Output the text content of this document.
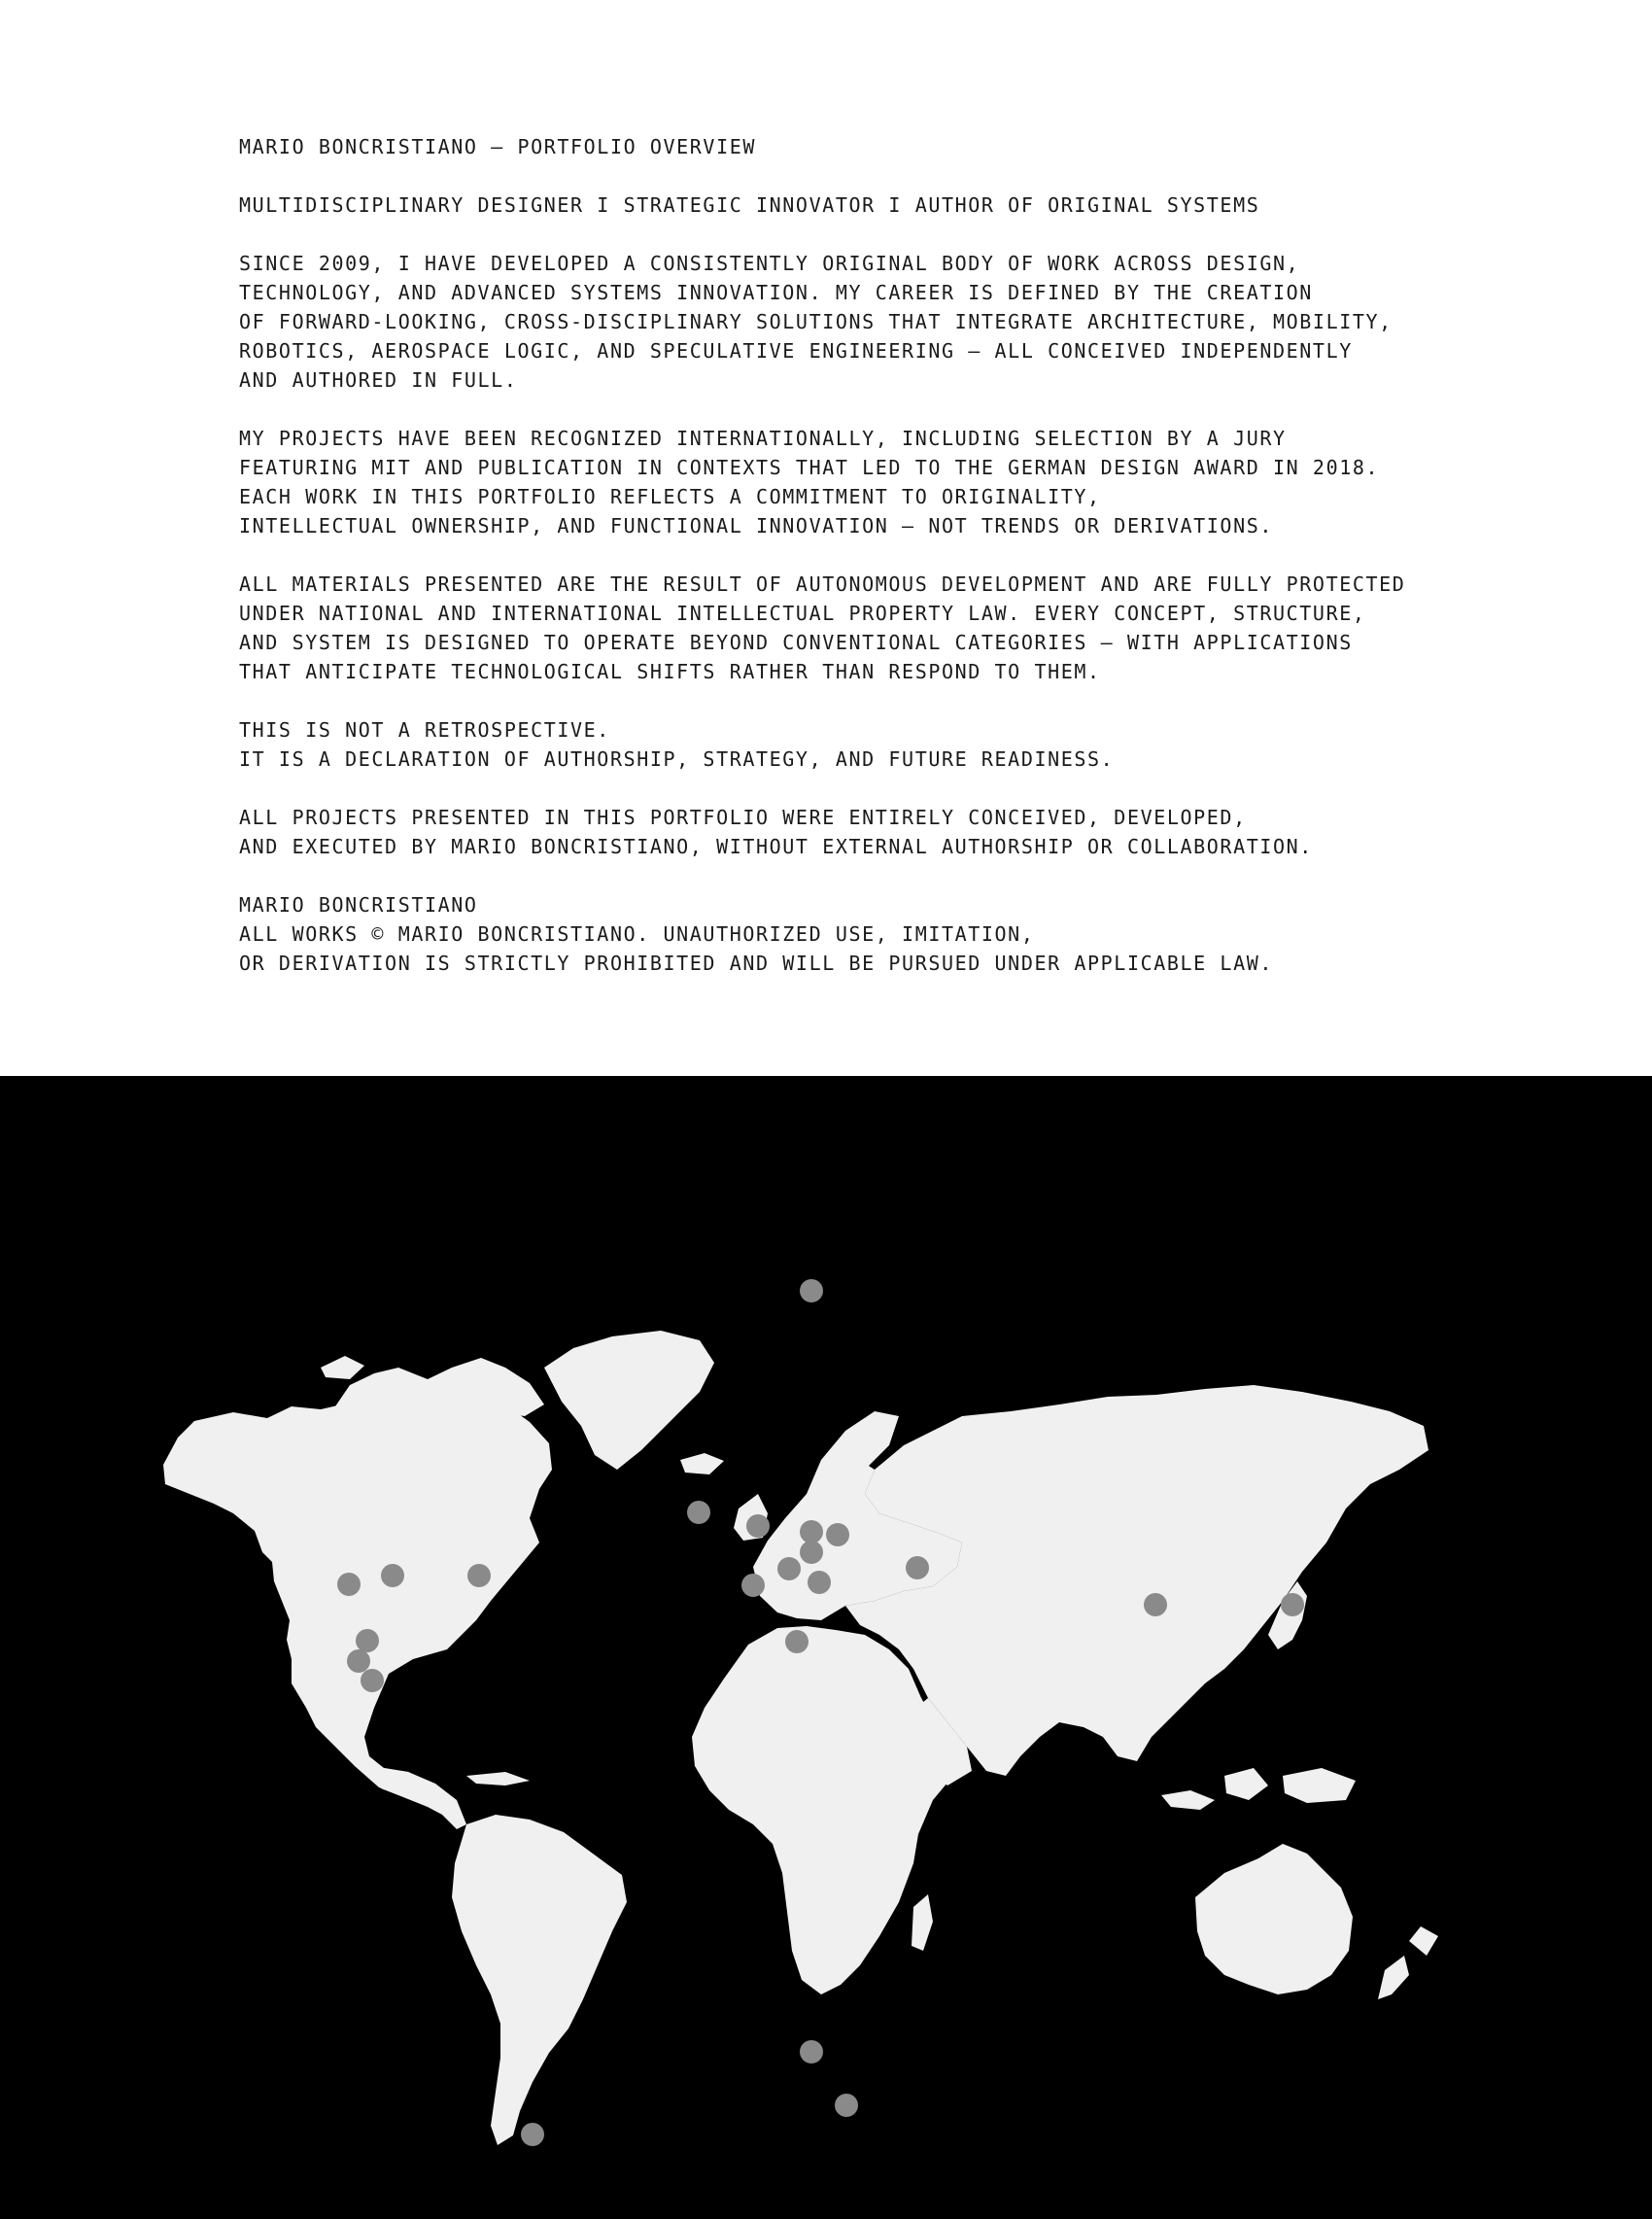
MARIO BONCRISTIANO – PORTFOLIO OVERVIEW
MULTIDISCIPLINARY DESIGNER I STRATEGIC INNOVATOR I AUTHOR OF ORIGINAL SYSTEMS
SINCE 2009, I HAVE DEVELOPED A CONSISTENTLY ORIGINAL BODY OF WORK ACROSS DESIGN,
TECHNOLOGY, AND ADVANCED SYSTEMS INNOVATION. MY CAREER IS DEFINED BY THE CREATION
OF FORWARD-LOOKING, CROSS-DISCIPLINARY SOLUTIONS THAT INTEGRATE ARCHITECTURE, MOBILITY,
ROBOTICS, AEROSPACE LOGIC, AND SPECULATIVE ENGINEERING – ALL CONCEIVED INDEPENDENTLY
AND AUTHORED IN FULL.
MY PROJECTS HAVE BEEN RECOGNIZED INTERNATIONALLY, INCLUDING SELECTION BY A JURY
FEATURING MIT AND PUBLICATION IN CONTEXTS THAT LED TO THE GERMAN DESIGN AWARD IN 2018.
EACH WORK IN THIS PORTFOLIO REFLECTS A COMMITMENT TO ORIGINALITY,
INTELLECTUAL OWNERSHIP, AND FUNCTIONAL INNOVATION – NOT TRENDS OR DERIVATIONS.
ALL MATERIALS PRESENTED ARE THE RESULT OF AUTONOMOUS DEVELOPMENT AND ARE FULLY PROTECTED
UNDER NATIONAL AND INTERNATIONAL INTELLECTUAL PROPERTY LAW. EVERY CONCEPT, STRUCTURE,
AND SYSTEM IS DESIGNED TO OPERATE BEYOND CONVENTIONAL CATEGORIES – WITH APPLICATIONS
THAT ANTICIPATE TECHNOLOGICAL SHIFTS RATHER THAN RESPOND TO THEM.
THIS IS NOT A RETROSPECTIVE.
IT IS A DECLARATION OF AUTHORSHIP, STRATEGY, AND FUTURE READINESS.
ALL PROJECTS PRESENTED IN THIS PORTFOLIO WERE ENTIRELY CONCEIVED, DEVELOPED,
AND EXECUTED BY MARIO BONCRISTIANO, WITHOUT EXTERNAL AUTHORSHIP OR COLLABORATION.
MARIO BONCRISTIANO
ALL WORKS © MARIO BONCRISTIANO. UNAUTHORIZED USE, IMITATION,
OR DERIVATION IS STRICTLY PROHIBITED AND WILL BE PURSUED UNDER APPLICABLE LAW.
